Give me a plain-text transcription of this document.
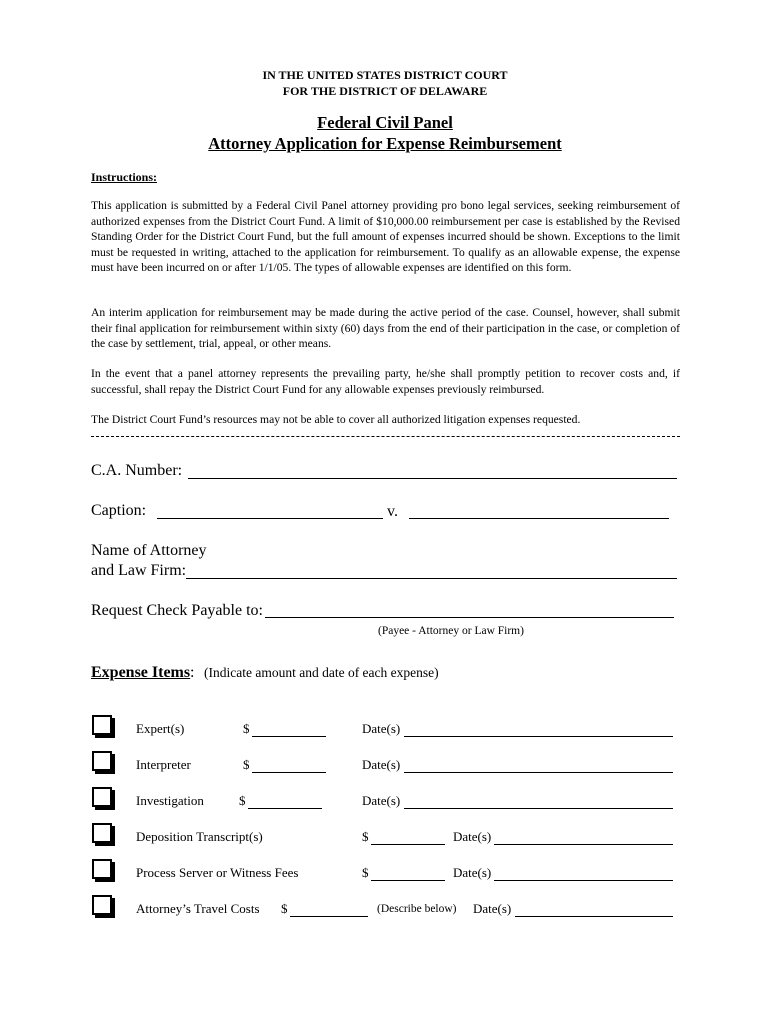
IN THE UNITED STATES DISTRICT COURT
FOR THE DISTRICT OF DELAWARE
Federal Civil Panel
Attorney Application for Expense Reimbursement
Instructions:
This application is submitted by a Federal Civil Panel attorney providing pro bono legal services, seeking reimbursement of authorized expenses from the District Court Fund. A limit of $10,000.00 reimbursement per case is established by the Revised Standing Order for the District Court Fund, but the full amount of expenses incurred should be shown. Exceptions to the limit must be requested in writing, attached to the application for reimbursement. To qualify as an allowable expense, the expense must have been incurred on or after 1/1/05. The types of allowable expenses are identified on this form.
An interim application for reimbursement may be made during the active period of the case. Counsel, however, shall submit their final application for reimbursement within sixty (60) days from the end of their participation in the case, or completion of the case by settlement, trial, appeal, or other means.
In the event that a panel attorney represents the prevailing party, he/she shall promptly petition to recover costs and, if successful, shall repay the District Court Fund for any allowable expenses previously reimbursed.
The District Court Fund’s resources may not be able to cover all authorized litigation expenses requested.
C.A. Number:
Caption:	v.
Name of Attorney
and Law Firm:
Request Check Payable to:
(Payee - Attorney or Law Firm)
Expense Items : (Indicate amount and date of each expense)
Expert(s)	$	Date(s)
Interpreter	$	Date(s)
Investigation	$	Date(s)
Deposition Transcript(s)	$	Date(s)
Process Server or Witness Fees	$	Date(s)
Attorney’s Travel Costs $	(Describe below) Date(s)
